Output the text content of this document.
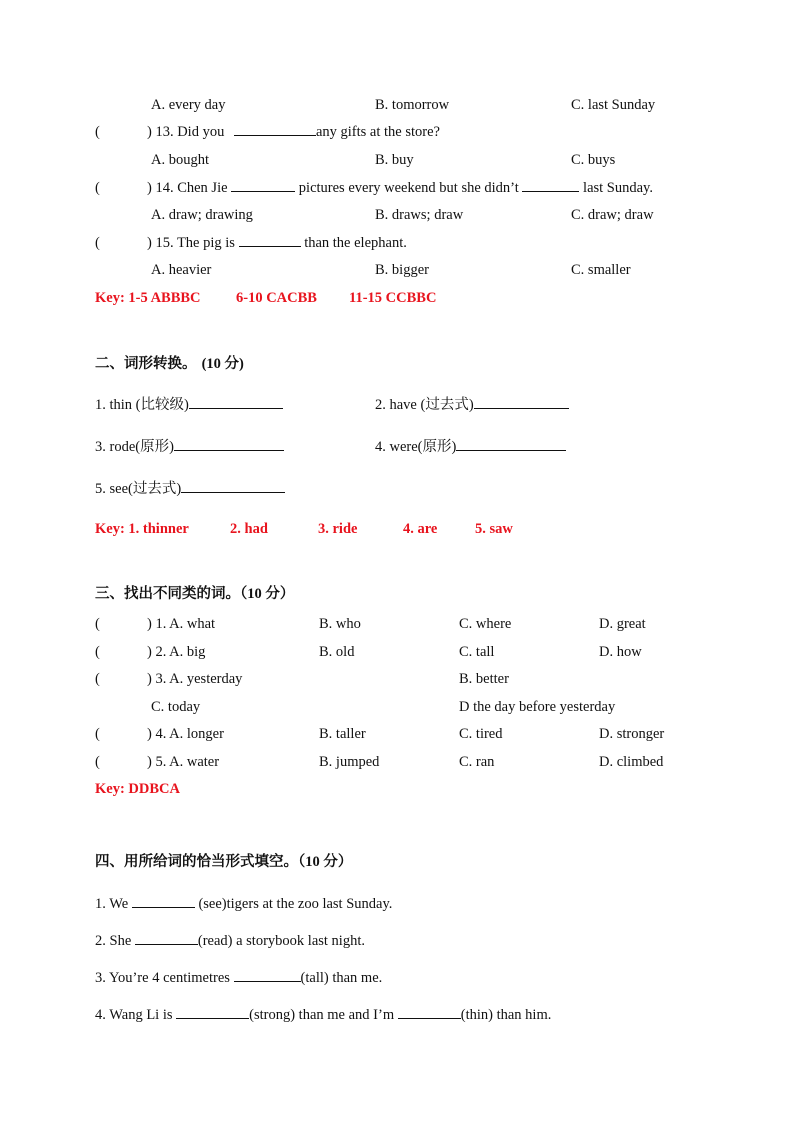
A. every day	B. tomorrow	C. last Sunday
(	) 13. Did you	any gifts at the store?
A. bought	B. buy	C. buys
(	) 14. Chen Jie	pictures every weekend but she didn’t	last Sunday.
A. draw; drawing	B. draws; draw	C. draw; draw
(	) 15. The pig is	than the elephant.
A. heavier	B. bigger	C. smaller
Key: 1-5 ABBBC 6-10 CACBB 11-15 CCBBC
二、词形转换。 (10 分)
1. thin (比较级)	2. have (过去式)
3. rode(原形)	4. were(原形)
5. see(过去式)
Key: 1. thinner	2. had	3. ride	4. are	5. saw
三、找出不同类的词。（10 分）
(	) 1. A. what	B. who	C. where	D. great
(	) 2. A. big	B. old	C. tall	D. how
(	) 3. A. yesterday	B. better
C. today	D the day before yesterday
(	) 4. A. longer	B. taller	C. tired	D. stronger
(	) 5. A. water	B. jumped	C. ran	D. climbed
Key: DDBCA
四、用所给词的恰当形式填空。（10 分）
1. We	(see)tigers at the zoo last Sunday.
2. She	(read) a storybook last night.
3. You’re 4 centimetres	(tall) than me.
4. Wang Li is	(strong) than me and I’m	(thin) than him.
